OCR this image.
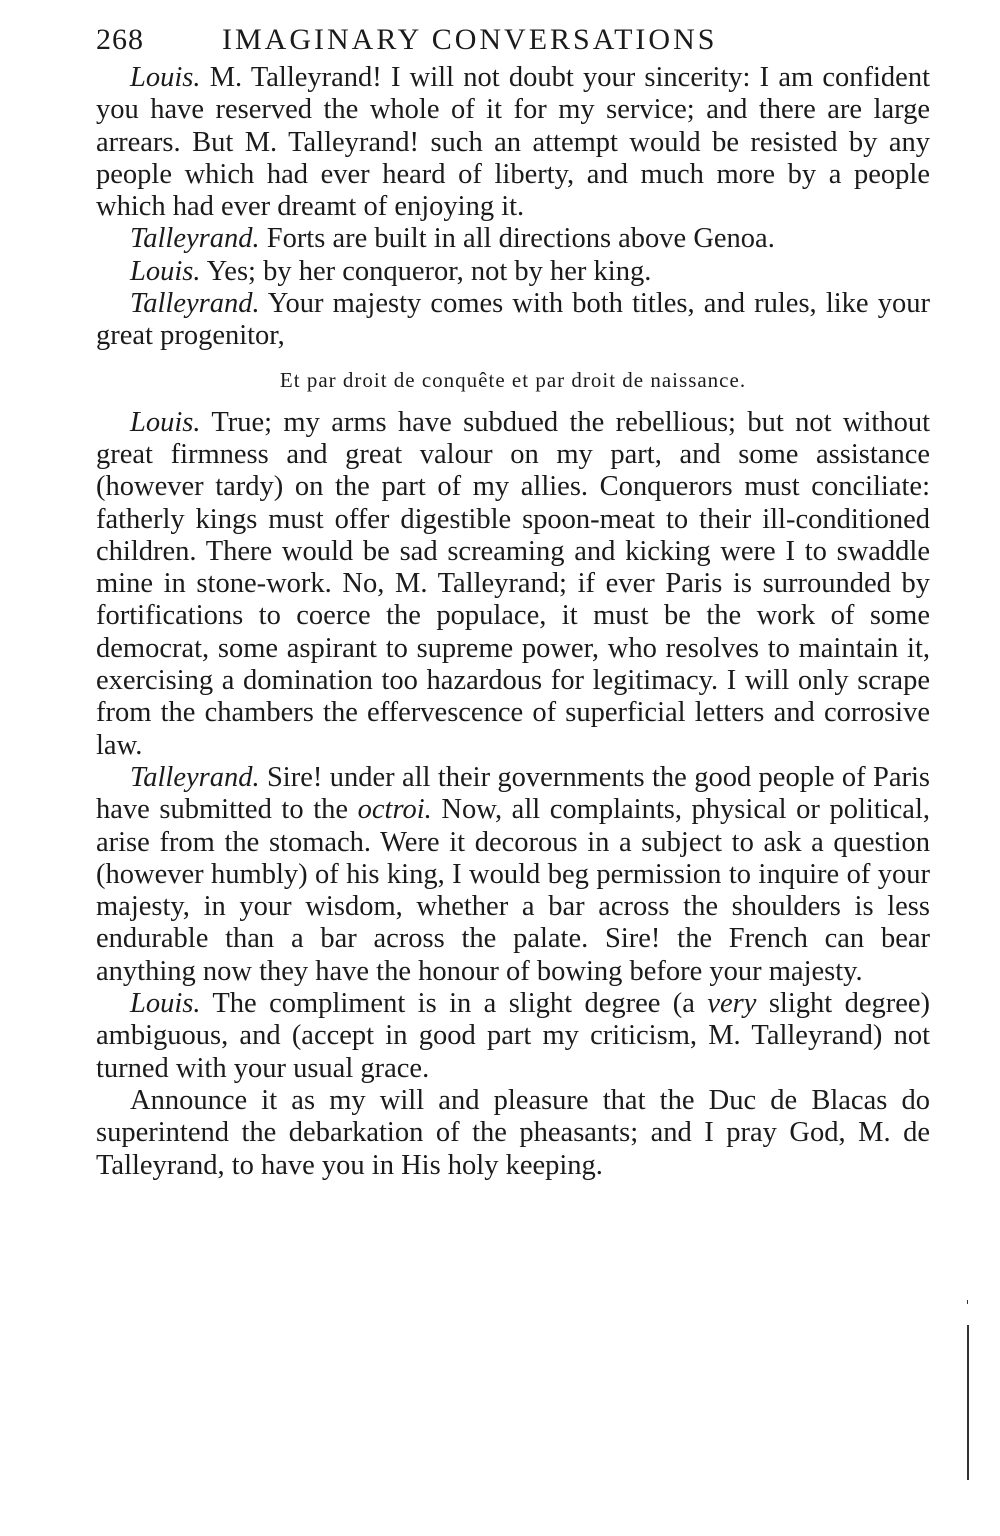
268	IMAGINARY CONVERSATIONS

Louis. M. Talleyrand! I will not doubt your sincerity: I am confident you have reserved the whole of it for my service; and there are large arrears. But M. Talleyrand! such an attempt would be resisted by any people which had ever heard of liberty, and much more by a people which had ever dreamt of enjoying it.

Talleyrand. Forts are built in all directions above Genoa.

Louis. Yes; by her conqueror, not by her king.

Talleyrand. Your majesty comes with both titles, and rules, like your great progenitor,

Et par droit de conquête et par droit de naissance.

Louis. True; my arms have subdued the rebellious; but not without great firmness and great valour on my part, and some assistance (however tardy) on the part of my allies. Conquerors must conciliate: fatherly kings must offer digestible spoon-meat to their ill-conditioned children. There would be sad screaming and kicking were I to swaddle mine in stone-work. No, M. Talleyrand; if ever Paris is surrounded by fortifications to coerce the populace, it must be the work of some democrat, some aspirant to supreme power, who resolves to maintain it, exercising a domination too hazardous for legitimacy. I will only scrape from the chambers the effervescence of superficial letters and corrosive law.

Talleyrand. Sire! under all their governments the good people of Paris have submitted to the octroi. Now, all complaints, physical or political, arise from the stomach. Were it decorous in a subject to ask a question (however humbly) of his king, I would beg permission to inquire of your majesty, in your wisdom, whether a bar across the shoulders is less endurable than a bar across the palate. Sire! the French can bear anything now they have the honour of bowing before your majesty.

Louis. The compliment is in a slight degree (a very slight degree) ambiguous, and (accept in good part my criticism, M. Talleyrand) not turned with your usual grace.

Announce it as my will and pleasure that the Duc de Blacas do superintend the debarkation of the pheasants; and I pray God, M. de Talleyrand, to have you in His holy keeping.
